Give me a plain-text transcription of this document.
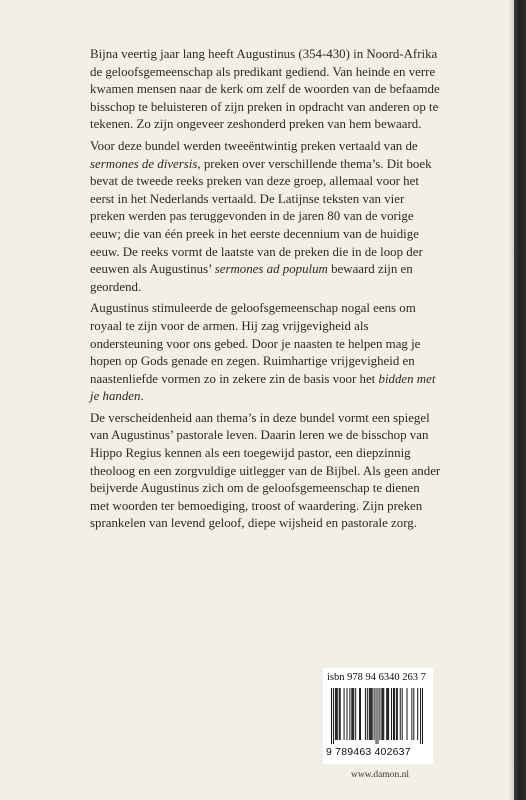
Bijna veertig jaar lang heeft Augustinus (354-430) in Noord-Afrika de geloofsgemeenschap als predikant gediend. Van heinde en verre kwamen mensen naar de kerk om zelf de woorden van de befaamde bisschop te beluisteren of zijn preken in opdracht van anderen op te tekenen. Zo zijn ongeveer zeshonderd preken van hem bewaard.

Voor deze bundel werden tweeëntwintig preken vertaald van de sermones de diversis, preken over verschillende thema’s. Dit boek bevat de tweede reeks preken van deze groep, allemaal voor het eerst in het Nederlands vertaald. De Latijnse teksten van vier preken werden pas teruggevonden in de jaren 80 van de vorige eeuw; die van één preek in het eerste decennium van de huidige eeuw. De reeks vormt de laatste van de preken die in de loop der eeuwen als Augustinus’ sermones ad populum bewaard zijn en geordend.

Augustinus stimuleerde de geloofsgemeenschap nogal eens om royaal te zijn voor de armen. Hij zag vrijgevigheid als ondersteuning voor ons gebed. Door je naasten te helpen mag je hopen op Gods genade en zegen. Ruimhartige vrijgevigheid en naastenliefde vormen zo in zekere zin de basis voor het bidden met je handen.

De verscheidenheid aan thema’s in deze bundel vormt een spiegel van Augustinus’ pastorale leven. Daarin leren we de bisschop van Hippo Regius kennen als een toegewijd pastor, een diepzinnig theoloog en een zorgvuldige uitlegger van de Bijbel. Als geen ander beijverde Augustinus zich om de geloofsgemeenschap te dienen met woorden ter bemoediging, troost of waardering. Zijn preken sprankelen van levend geloof, diepe wijsheid en pastorale zorg.

isbn 978 94 6340 263 7
9 789463 402637
www.damon.nl
